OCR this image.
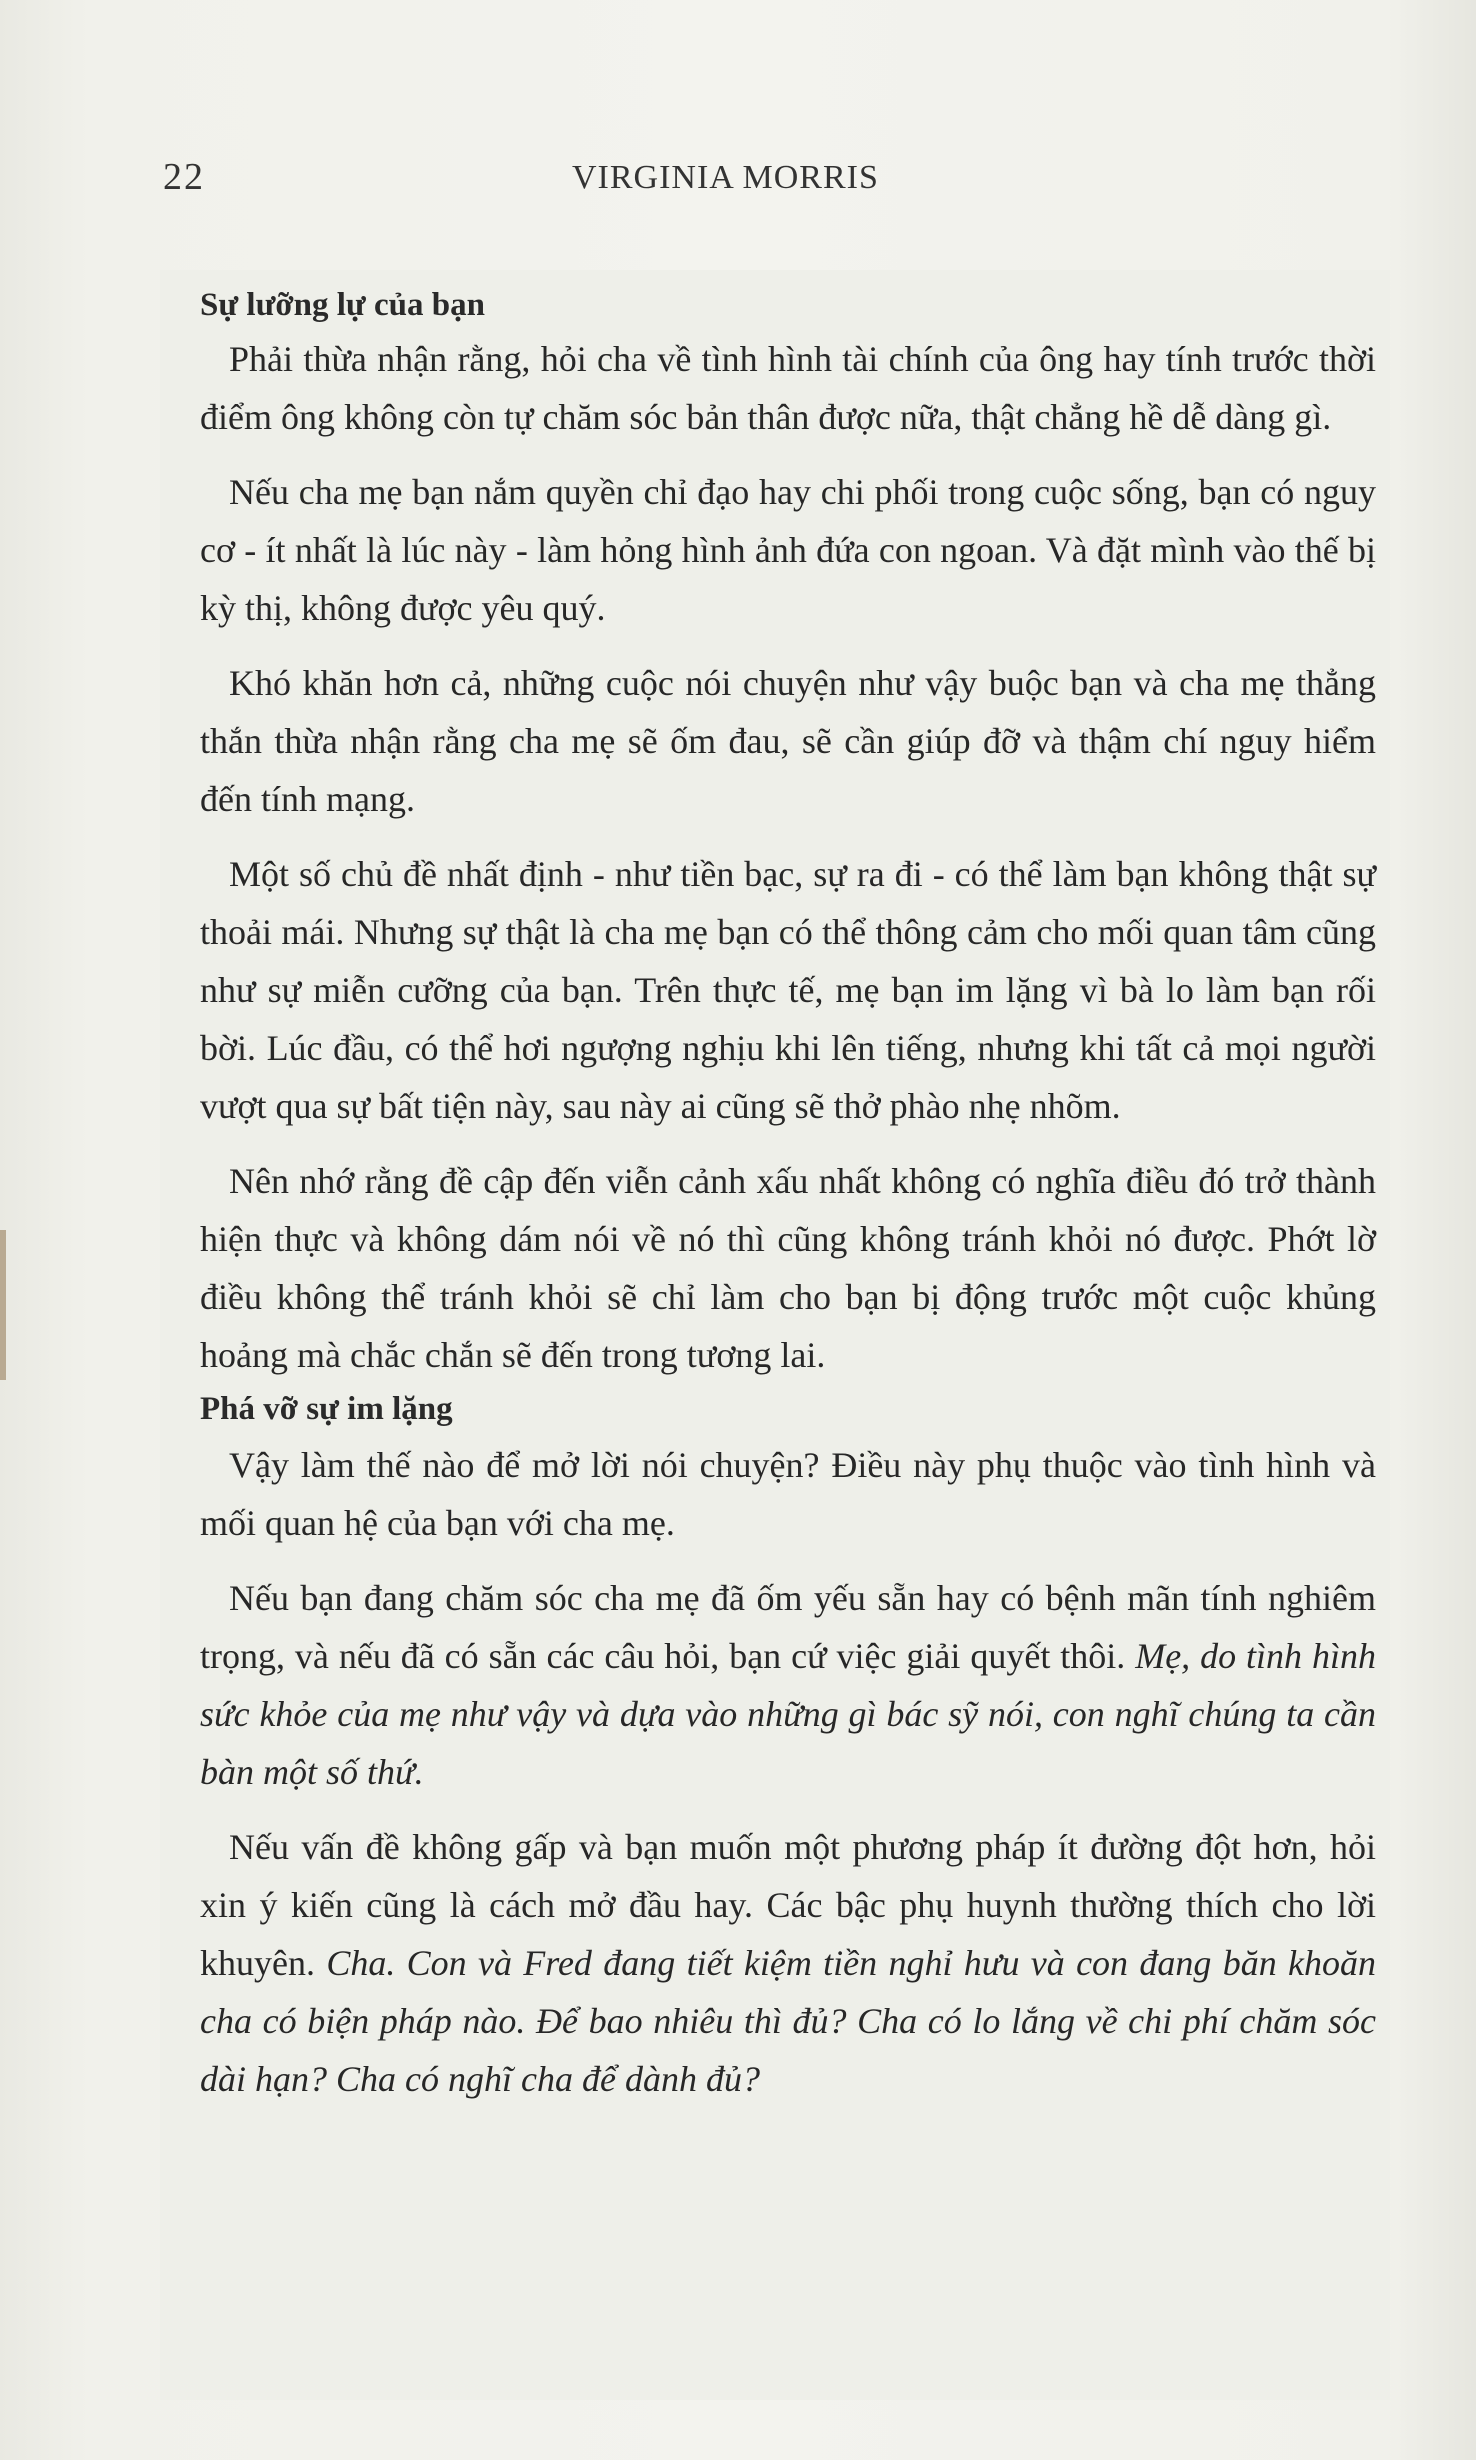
22	VIRGINIA MORRIS
Sự lưỡng lự của bạn

Phải thừa nhận rằng, hỏi cha về tình hình tài chính của ông hay tính trước thời điểm ông không còn tự chăm sóc bản thân được nữa, thật chẳng hề dễ dàng gì.

Nếu cha mẹ bạn nắm quyền chỉ đạo hay chi phối trong cuộc sống, bạn có nguy cơ - ít nhất là lúc này - làm hỏng hình ảnh đứa con ngoan. Và đặt mình vào thế bị kỳ thị, không được yêu quý.

Khó khăn hơn cả, những cuộc nói chuyện như vậy buộc bạn và cha mẹ thẳng thắn thừa nhận rằng cha mẹ sẽ ốm đau, sẽ cần giúp đỡ và thậm chí nguy hiểm đến tính mạng.

Một số chủ đề nhất định - như tiền bạc, sự ra đi - có thể làm bạn không thật sự thoải mái. Nhưng sự thật là cha mẹ bạn có thể thông cảm cho mối quan tâm cũng như sự miễn cưỡng của bạn. Trên thực tế, mẹ bạn im lặng vì bà lo làm bạn rối bời. Lúc đầu, có thể hơi ngượng nghịu khi lên tiếng, nhưng khi tất cả mọi người vượt qua sự bất tiện này, sau này ai cũng sẽ thở phào nhẹ nhõm.

Nên nhớ rằng đề cập đến viễn cảnh xấu nhất không có nghĩa điều đó trở thành hiện thực và không dám nói về nó thì cũng không tránh khỏi nó được. Phớt lờ điều không thể tránh khỏi sẽ chỉ làm cho bạn bị động trước một cuộc khủng hoảng mà chắc chắn sẽ đến trong tương lai.

Phá vỡ sự im lặng

Vậy làm thế nào để mở lời nói chuyện? Điều này phụ thuộc vào tình hình và mối quan hệ của bạn với cha mẹ.

Nếu bạn đang chăm sóc cha mẹ đã ốm yếu sẵn hay có bệnh mãn tính nghiêm trọng, và nếu đã có sẵn các câu hỏi, bạn cứ việc giải quyết thôi. Mẹ, do tình hình sức khỏe của mẹ như vậy và dựa vào những gì bác sỹ nói, con nghĩ chúng ta cần bàn một số thứ.

Nếu vấn đề không gấp và bạn muốn một phương pháp ít đường đột hơn, hỏi xin ý kiến cũng là cách mở đầu hay. Các bậc phụ huynh thường thích cho lời khuyên. Cha. Con và Fred đang tiết kiệm tiền nghỉ hưu và con đang băn khoăn cha có biện pháp nào. Để bao nhiêu thì đủ? Cha có lo lắng về chi phí chăm sóc dài hạn? Cha có nghĩ cha để dành đủ?
